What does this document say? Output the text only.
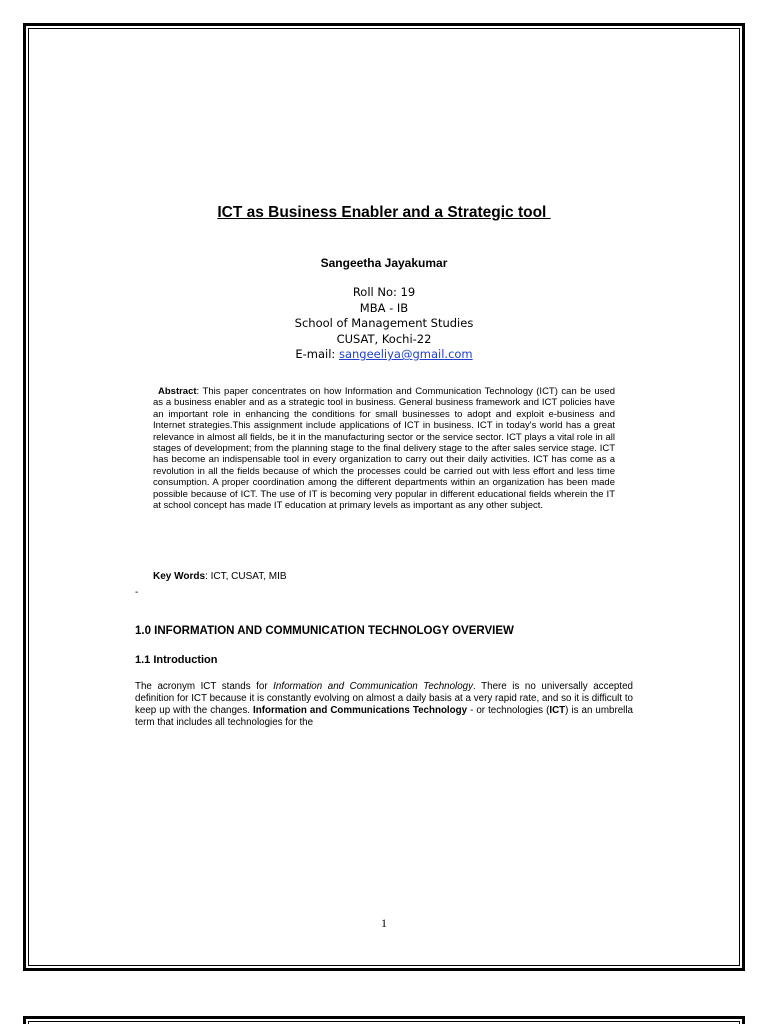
ICT as Business Enabler and a Strategic tool
Sangeetha Jayakumar
Roll No: 19
MBA - IB
School of Management Studies
CUSAT, Kochi-22
E-mail: sangeeliya@gmail.com
Abstract: This paper concentrates on how Information and Communication Technology (ICT) can be used as a business enabler and as a strategic tool in business. General business framework and ICT policies have an important role in enhancing the conditions for small businesses to adopt and exploit e-business and Internet strategies.This assignment include applications of ICT in business. ICT in today's world has a great relevance in almost all fields, be it in the manufacturing sector or the service sector. ICT plays a vital role in all stages of development; from the planning stage to the final delivery stage to the after sales service stage. ICT has become an indispensable tool in every organization to carry out their daily activities. ICT has come as a revolution in all the fields because of which the processes could be carried out with less effort and less time consumption. A proper coordination among the different departments within an organization has been made possible because of ICT. The use of IT is becoming very popular in different educational fields wherein the IT at school concept has made IT education at primary levels as important as any other subject.
Key Words: ICT, CUSAT, MIB
-
1.0 INFORMATION AND COMMUNICATION TECHNOLOGY OVERVIEW
1.1 Introduction
The acronym ICT stands for Information and Communication Technology. There is no universally accepted definition for ICT because it is constantly evolving on almost a daily basis at a very rapid rate, and so it is difficult to keep up with the changes. Information and Communications Technology - or technologies (ICT) is an umbrella term that includes all technologies for the
1
